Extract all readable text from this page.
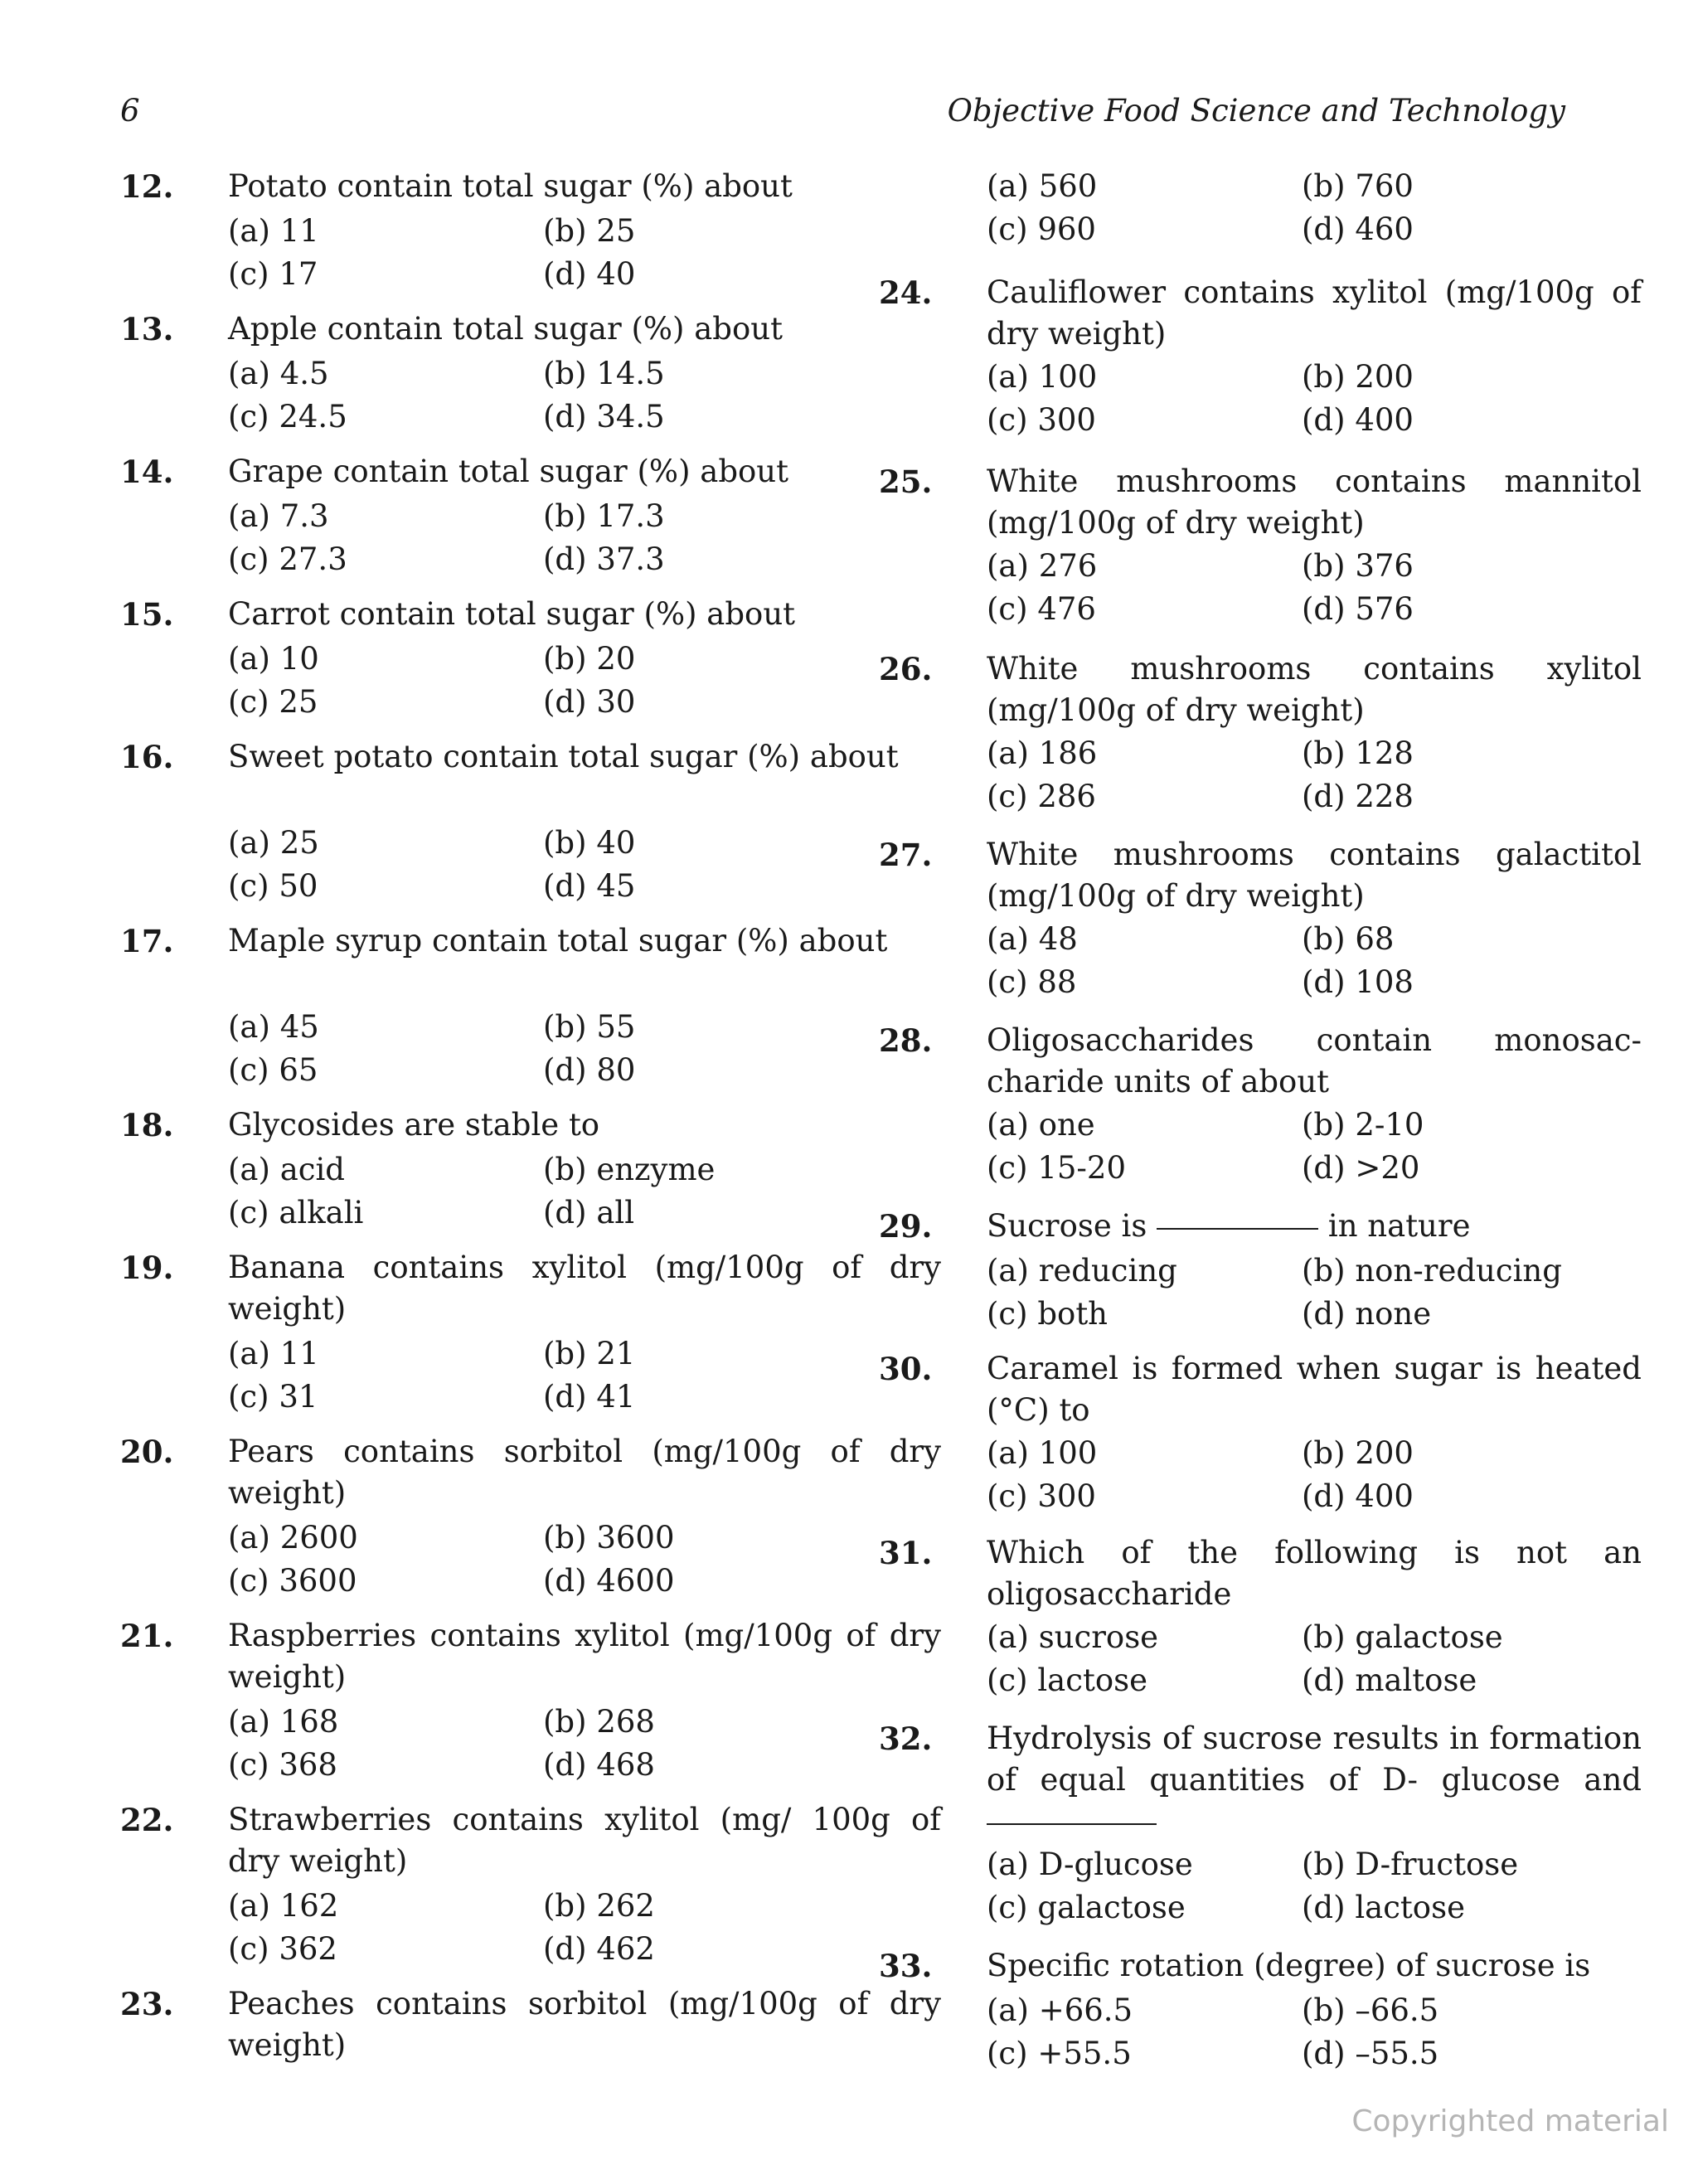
6	Objective Food Science and Technology
12. Potato contain total sugar (%) about
(a) 11	(b) 25
(c) 17	(d) 40
13. Apple contain total sugar (%) about
(a) 4.5	(b) 14.5
(c) 24.5	(d) 34.5
14. Grape contain total sugar (%) about
(a) 7.3	(b) 17.3
(c) 27.3	(d) 37.3
15. Carrot contain total sugar (%) about
(a) 10	(b) 20
(c) 25	(d) 30
16. Sweet potato contain total sugar (%) about
(a) 25	(b) 40
(c) 50	(d) 45
17. Maple syrup contain total sugar (%) about
(a) 45	(b) 55
(c) 65	(d) 80
18. Glycosides are stable to
(a) acid	(b) enzyme
(c) alkali	(d) all
19. Banana contains xylitol (mg/100g of dry weight)
(a) 11	(b) 21
(c) 31	(d) 41
20. Pears contains sorbitol (mg/100g of dry weight)
(a) 2600	(b) 3600
(c) 3600	(d) 4600
21. Raspberries contains xylitol (mg/100g of dry weight)
(a) 168	(b) 268
(c) 368	(d) 468
22. Strawberries contains xylitol (mg/ 100g of dry weight)
(a) 162	(b) 262
(c) 362	(d) 462
23. Peaches contains sorbitol (mg/100g of dry weight)
(a) 560	(b) 760
(c) 960	(d) 460
24. Cauliflower contains xylitol (mg/100g of dry weight)
(a) 100	(b) 200
(c) 300	(d) 400
25. White mushrooms contains mannitol (mg/100g of dry weight)
(a) 276	(b) 376
(c) 476	(d) 576
26. White mushrooms contains xylitol (mg/100g of dry weight)
(a) 186	(b) 128
(c) 286	(d) 228
27. White mushrooms contains galactitol (mg/100g of dry weight)
(a) 48	(b) 68
(c) 88	(d) 108
28. Oligosaccharides contain monosac- charide units of about
(a) one	(b) 2-10
(c) 15-20	(d) >20
29. Sucrose is	in nature
(a) reducing	(b) non-reducing
(c) both	(d) none
30. Caramel is formed when sugar is heated (°C) to
(a) 100	(b) 200
(c) 300	(d) 400
31. Which of the following is not an oligosaccharide
(a) sucrose	(b) galactose
(c) lactose	(d) maltose
32. Hydrolysis of sucrose results in formation of equal quantities of D- glucose and
(a) D-glucose	(b) D-fructose
(c) galactose	(d) lactose
33. Specific rotation (degree) of sucrose is
(a) +66.5	(b) –66.5
(c) +55.5	(d) –55.5
Copyrighted material
